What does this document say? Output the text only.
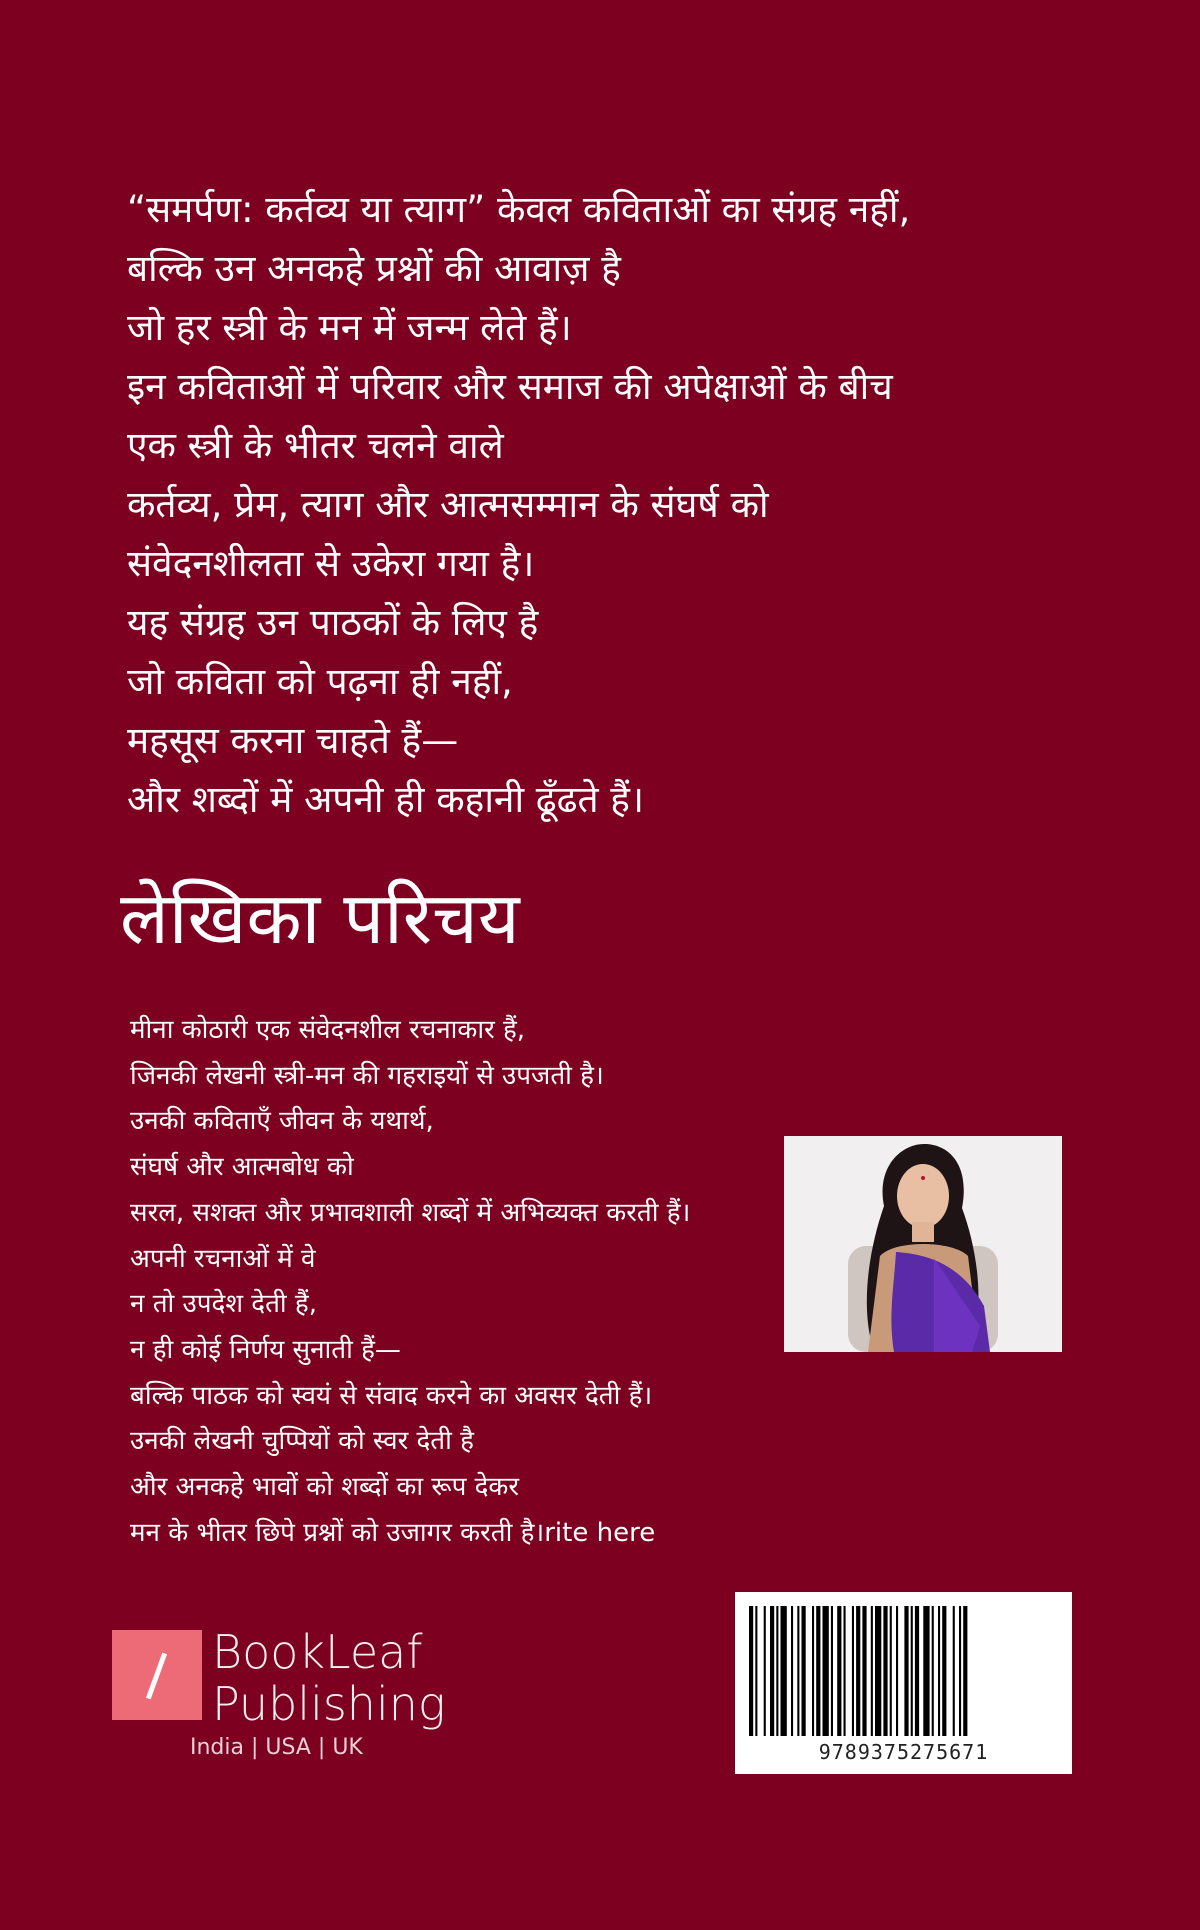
“समर्पण: कर्तव्य या त्याग” केवल कविताओं का संग्रह नहीं,
बल्कि उन अनकहे प्रश्नों की आवाज़ है
जो हर स्त्री के मन में जन्म लेते हैं।
इन कविताओं में परिवार और समाज की अपेक्षाओं के बीच
एक स्त्री के भीतर चलने वाले
कर्तव्य, प्रेम, त्याग और आत्मसम्मान के संघर्ष को
संवेदनशीलता से उकेरा गया है।
यह संग्रह उन पाठकों के लिए है
जो कविता को पढ़ना ही नहीं,
महसूस करना चाहते हैं—
और शब्दों में अपनी ही कहानी ढूँढते हैं।
लेखिका परिचय
मीना कोठारी एक संवेदनशील रचनाकार हैं,
जिनकी लेखनी स्त्री-मन की गहराइयों से उपजती है।
उनकी कविताएँ जीवन के यथार्थ,
संघर्ष और आत्मबोध को
सरल, सशक्त और प्रभावशाली शब्दों में अभिव्यक्त करती हैं।
अपनी रचनाओं में वे
न तो उपदेश देती हैं,
न ही कोई निर्णय सुनाती हैं—
बल्कि पाठक को स्वयं से संवाद करने का अवसर देती हैं।
उनकी लेखनी चुप्पियों को स्वर देती है
और अनकहे भावों को शब्दों का रूप देकर
मन के भीतर छिपे प्रश्नों को उजागर करती है।rite here
BookLeaf
Publishing
India | USA | UK	9789375275671
